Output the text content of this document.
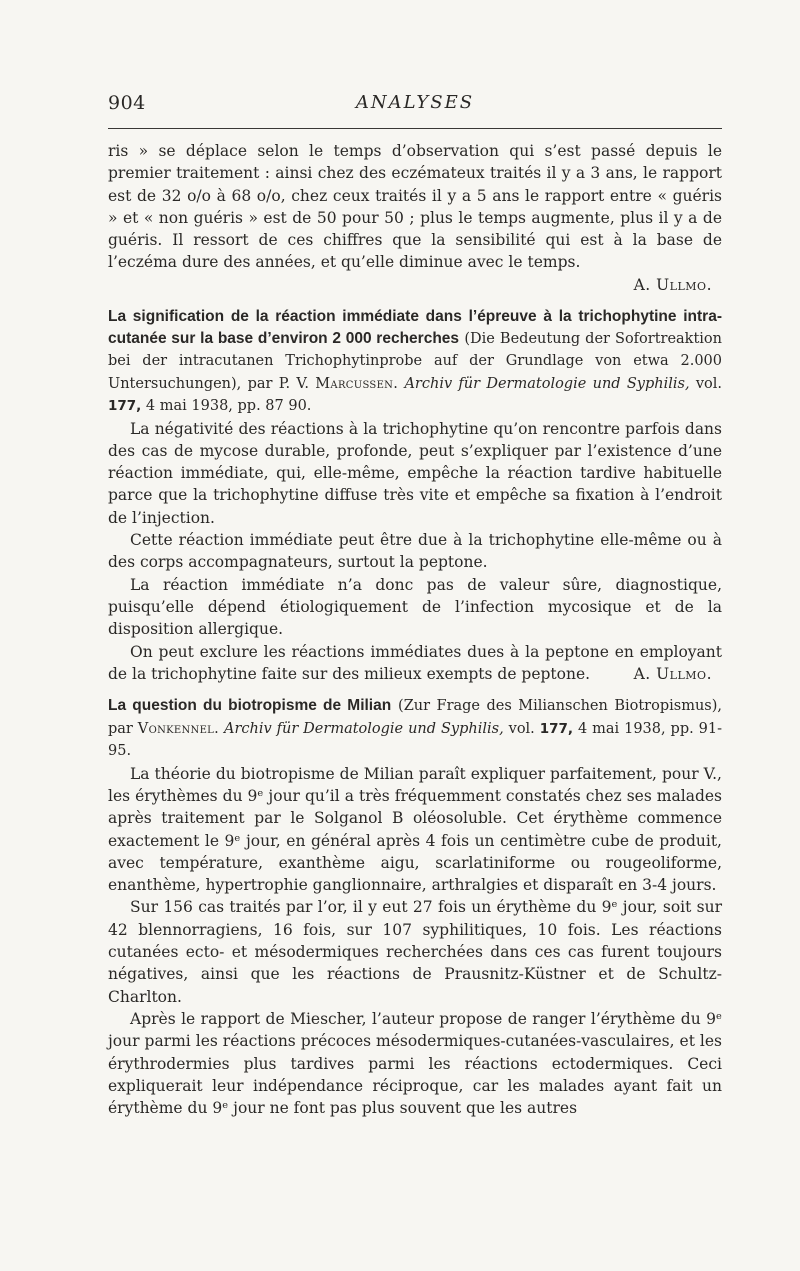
904	ANALYSES

ris » se déplace selon le temps d’observation qui s’est passé depuis le premier traitement : ainsi chez des eczémateux traités il y a 3 ans, le rapport est de 32 o/o à 68 o/o, chez ceux traités il y a 5 ans le rapport entre « guéris » et « non guéris » est de 50 pour 50 ; plus le temps augmente, plus il y a de guéris. Il ressort de ces chiffres que la sensibilité qui est à la base de l’eczéma dure des années, et qu’elle diminue avec le temps.

A. Ullmo.

La signification de la réaction immédiate dans l’épreuve à la trichophytine intra-cutanée sur la base d’environ 2 000 recherches (Die Bedeutung der Sofortreaktion bei der intracutanen Trichophytinprobe auf der Grundlage von etwa 2.000 Untersuchungen), par P. V. Marcussen. Archiv für Dermatologie und Syphilis, vol. 177, 4 mai 1938, pp. 87 90.

La négativité des réactions à la trichophytine qu’on rencontre parfois dans des cas de mycose durable, profonde, peut s’expliquer par l’existence d’une réaction immédiate, qui, elle-même, empêche la réaction tardive habituelle parce que la trichophytine diffuse très vite et empêche sa fixation à l’endroit de l’injection.

Cette réaction immédiate peut être due à la trichophytine elle-même ou à des corps accompagnateurs, surtout la peptone.

La réaction immédiate n’a donc pas de valeur sûre, diagnostique, puisqu’elle dépend étiologiquement de l’infection mycosique et de la disposition allergique.

On peut exclure les réactions immédiates dues à la peptone en employant de la trichophytine faite sur des milieux exempts de peptone.	A. Ullmo.

La question du biotropisme de Milian (Zur Frage des Milianschen Biotropismus), par Vonkennel. Archiv für Dermatologie und Syphilis, vol. 177, 4 mai 1938, pp. 91-95.

La théorie du biotropisme de Milian paraît expliquer parfaitement, pour V., les érythèmes du 9ᵉ jour qu’il a très fréquemment constatés chez ses malades après traitement par le Solganol B oléosoluble. Cet érythème commence exactement le 9ᵉ jour, en général après 4 fois un centimètre cube de produit, avec température, exanthème aigu, scarlatiniforme ou rougeoliforme, enanthème, hypertrophie ganglionnaire, arthralgies et disparaît en 3-4 jours.

Sur 156 cas traités par l’or, il y eut 27 fois un érythème du 9ᵉ jour, soit sur 42 blennorragiens, 16 fois, sur 107 syphilitiques, 10 fois. Les réactions cutanées ecto- et mésodermiques recherchées dans ces cas furent toujours négatives, ainsi que les réactions de Prausnitz-Küstner et de Schultz-Charlton.

Après le rapport de Miescher, l’auteur propose de ranger l’érythème du 9ᵉ jour parmi les réactions précoces mésodermiques-cutanées-vasculaires, et les érythrodermies plus tardives parmi les réactions ectodermiques. Ceci expliquerait leur indépendance réciproque, car les malades ayant fait un érythème du 9ᵉ jour ne font pas plus souvent que les autres
